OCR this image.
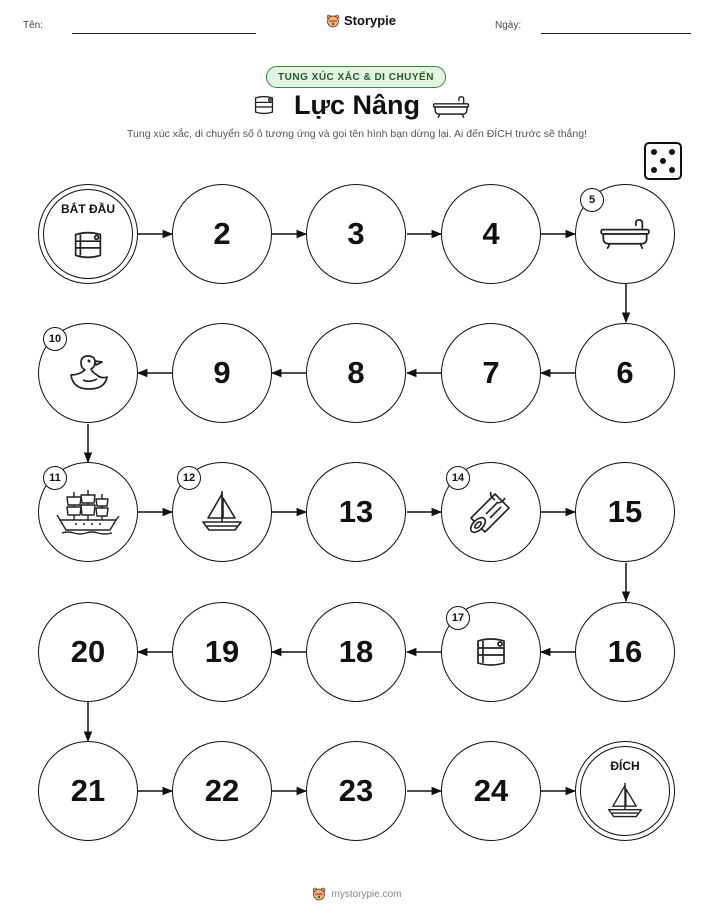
Tên:	Storypie	Ngày:
TUNG XÚC XẮC & DI CHUYỂN
Lực Nâng
Tung xúc xắc, di chuyển số ô tương ứng và gọi tên hình bạn dừng lại. Ai đến ĐÍCH trước sẽ thắng!
BẮT ĐẦU
2	3	4
5
10
9	8	7	6
11	12
13
14
15
20	19	18
17
16
21	22	23	24
ĐÍCH
mystorypie.com
